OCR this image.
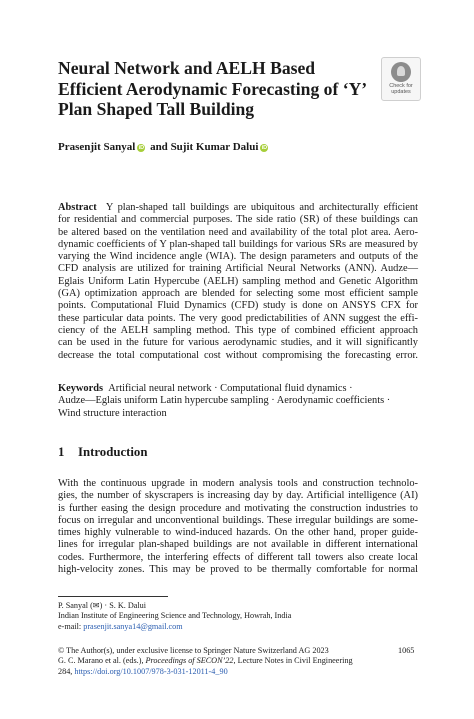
Neural Network and AELH Based
Efficient Aerodynamic Forecasting of ‘Y’
Plan Shaped Tall Building
Check for
updates
Prasenjit Sanyal iD and Sujit Kumar Dalui iD
Abstract Y plan-shaped tall buildings are ubiquitous and architecturally efficient
for residential and commercial purposes. The side ratio (SR) of these buildings can
be altered based on the ventilation need and availability of the total plot area. Aero-
dynamic coefficients of Y plan-shaped tall buildings for various SRs are measured by
varying the Wind incidence angle (WIA). The design parameters and outputs of the
CFD analysis are utilized for training Artificial Neural Networks (ANN). Audze—
Eglais Uniform Latin Hypercube (AELH) sampling method and Genetic Algorithm
(GA) optimization approach are blended for selecting some most efficient sample
points. Computational Fluid Dynamics (CFD) study is done on ANSYS CFX for
these particular data points. The very good predictabilities of ANN suggest the effi-
ciency of the AELH sampling method. This type of combined efficient approach
can be used in the future for various aerodynamic studies, and it will significantly
decrease the total computational cost without compromising the forecasting error.
Keywords Artificial neural network · Computational fluid dynamics ·
Audze—Eglais uniform Latin hypercube sampling · Aerodynamic coefficients ·
Wind structure interaction
1 Introduction
With the continuous upgrade in modern analysis tools and construction technolo-
gies, the number of skyscrapers is increasing day by day. Artificial intelligence (AI)
is further easing the design procedure and motivating the construction industries to
focus on irregular and unconventional buildings. These irregular buildings are some-
times highly vulnerable to wind-induced hazards. On the other hand, proper guide-
lines for irregular plan-shaped buildings are not available in different international
codes. Furthermore, the interfering effects of different tall towers also create local
high-velocity zones. This may be proved to be thermally comfortable for normal
P. Sanyal (✉) · S. K. Dalui
Indian Institute of Engineering Science and Technology, Howrah, India
e-mail: prasenjit.sanya14@gmail.com
© The Author(s), under exclusive license to Springer Nature Switzerland AG 2023
G. C. Marano et al. (eds.), Proceedings of SECON’22, Lecture Notes in Civil Engineering
284, https://doi.org/10.1007/978-3-031-12011-4_90
1065
